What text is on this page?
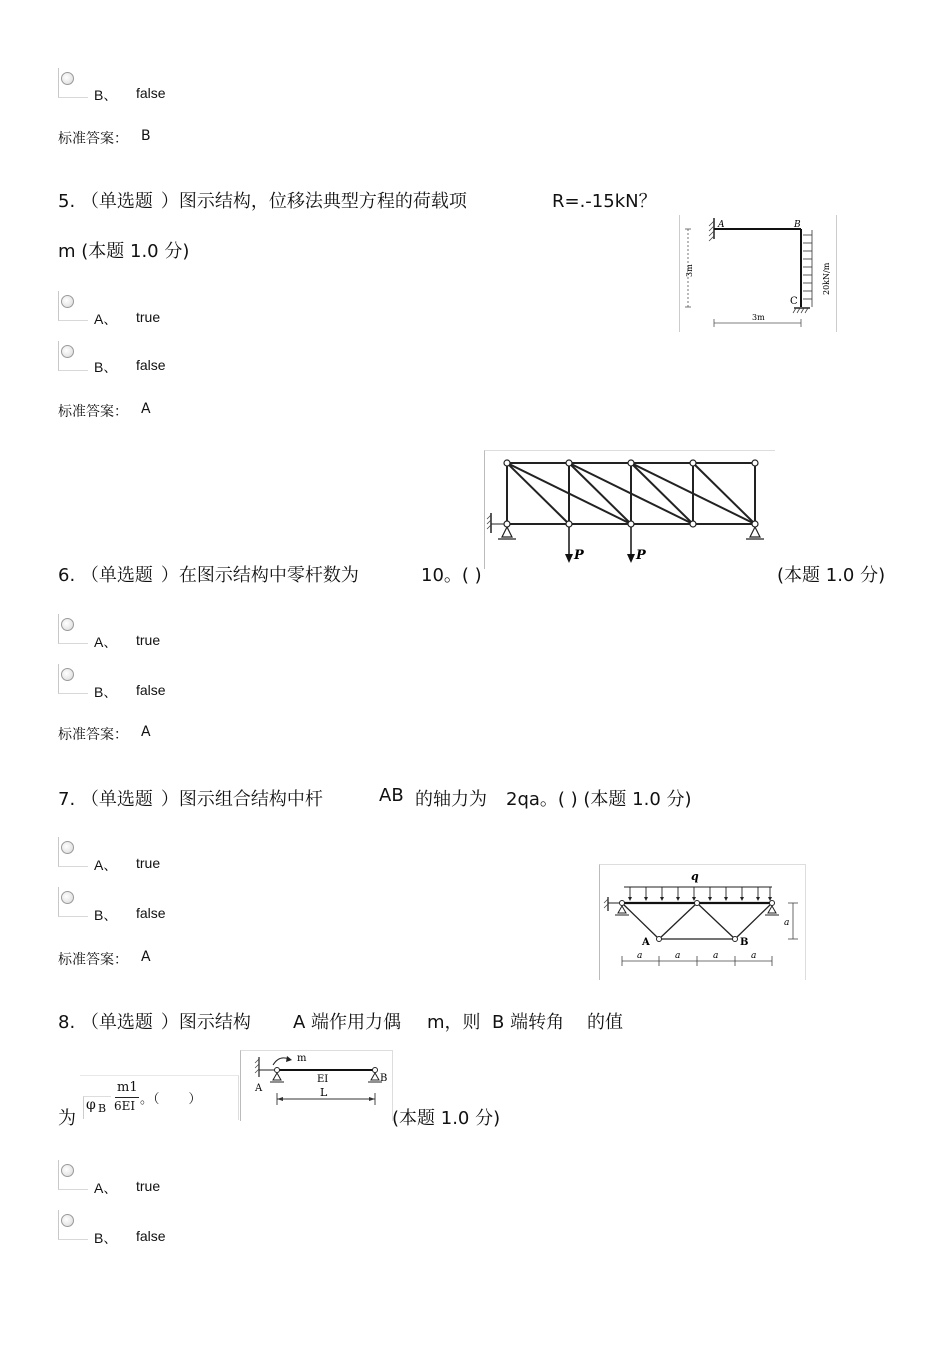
B、 false
标准答案： B
5. （单选题 ）图示结构，位移法典型方程的荷载项	R=.-15kN？
m (本题 1.0 分)
A	B
C
3m
3m
20kN/m
A、 true
B、 false
标准答案： A
P	P
6. （单选题 ）在图示结构中零杆数为	10。( )	(本题 1.0 分)
A、 true
B、 false
标准答案： A
7. （单选题 ）图示组合结构中杆	AB 的轴力为 2qa。( ) (本题 1.0 分)
A、 true
B、 false
标准答案： A
q
A	B
a
a	a	a	a
8. （单选题 ）图示结构 A 端作用力偶 m，则 B 端转角 的值
为
φ B
m1
6EI 。（       ）
m
A
B
EI
L
(本题 1.0 分)
A、 true
B、 false
